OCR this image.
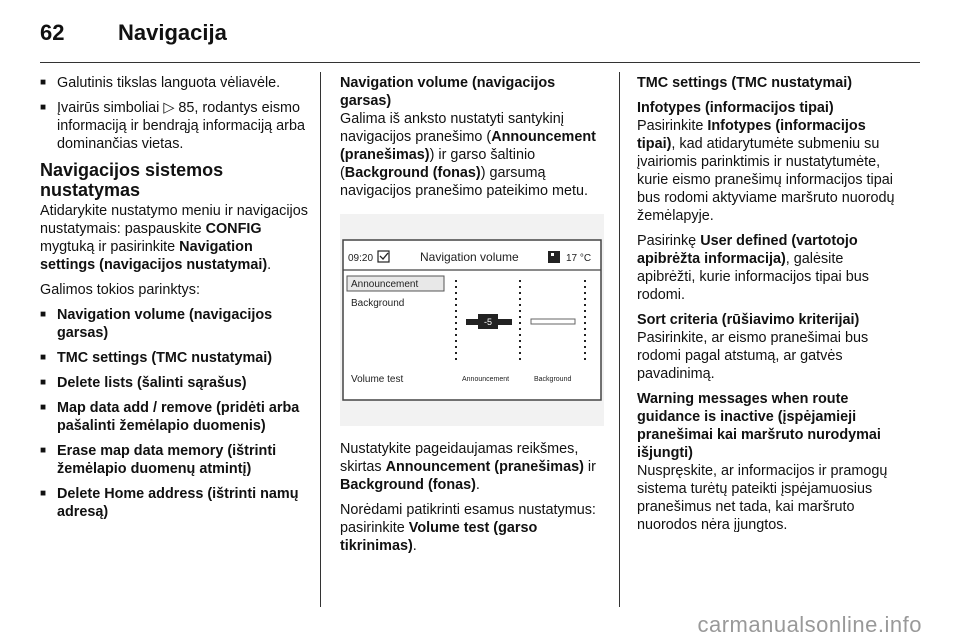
62 Navigacija
■ Galutinis tikslas languota vėliavėle.
■ Įvairūs simboliai ▷ 85, rodantys eismo informaciją ir bendrąją informaciją arba dominančias vietas.
Navigacijos sistemos nustatymas

Atidarykite nustatymo meniu ir navigacijos nustatymais: paspauskite CONFIG mygtuką ir pasirinkite Navigation settings (navigacijos nustatymai).

Galimos tokios parinktys:

■ Navigation volume (navigacijos garsas)
■ TMC settings (TMC nustatymai)
■ Delete lists (šalinti sąrašus)
■ Map data add / remove (pridėti arba pašalinti žemėlapio duomenis)
■ Erase map data memory (ištrinti žemėlapio duomenų atmintį)
■ Delete Home address (ištrinti namų adresą)
Navigation volume (navigacijos garsas)

Galima iš anksto nustatyti santykinį navigacijos pranešimo (Announcement (pranešimas)) ir garso šaltinio (Background (fonas)) garsumą navigacijos pranešimo pateikimo metu.

09:20	Navigation volume	17 °C
Announcement
Background
Volume test
-5
Announcement	Background

Nustatykite pageidaujamas reikšmes, skirtas Announcement (pranešimas) ir Background (fonas).

Norėdami patikrinti esamus nustatymus: pasirinkite Volume test (garso tikrinimas).

TMC settings (TMC nustatymai)
Infotypes (informacijos tipai)

Pasirinkite Infotypes (informacijos tipai), kad atidarytumėte submeniu su įvairiomis parinktimis ir nustatytumėte, kurie eismo pranešimų informacijos tipai bus rodomi aktyviame maršruto nuorodų žemėlapyje.

Pasirinkę User defined (vartotojo apibrėžta informacija), galėsite apibrėžti, kurie informacijos tipai bus rodomi.

Sort criteria (rūšiavimo kriterijai)

Pasirinkite, ar eismo pranešimai bus rodomi pagal atstumą, ar gatvės pavadinimą.

Warning messages when route guidance is inactive (įspėjamieji pranešimai kai maršruto nurodymai išjungti)

Nuspręskite, ar informacijos ir pramogų sistema turėtų pateikti įspėjamuosius pranešimus net tada, kai maršruto nuorodos nėra įjungtos.

carmanualsonline.info
